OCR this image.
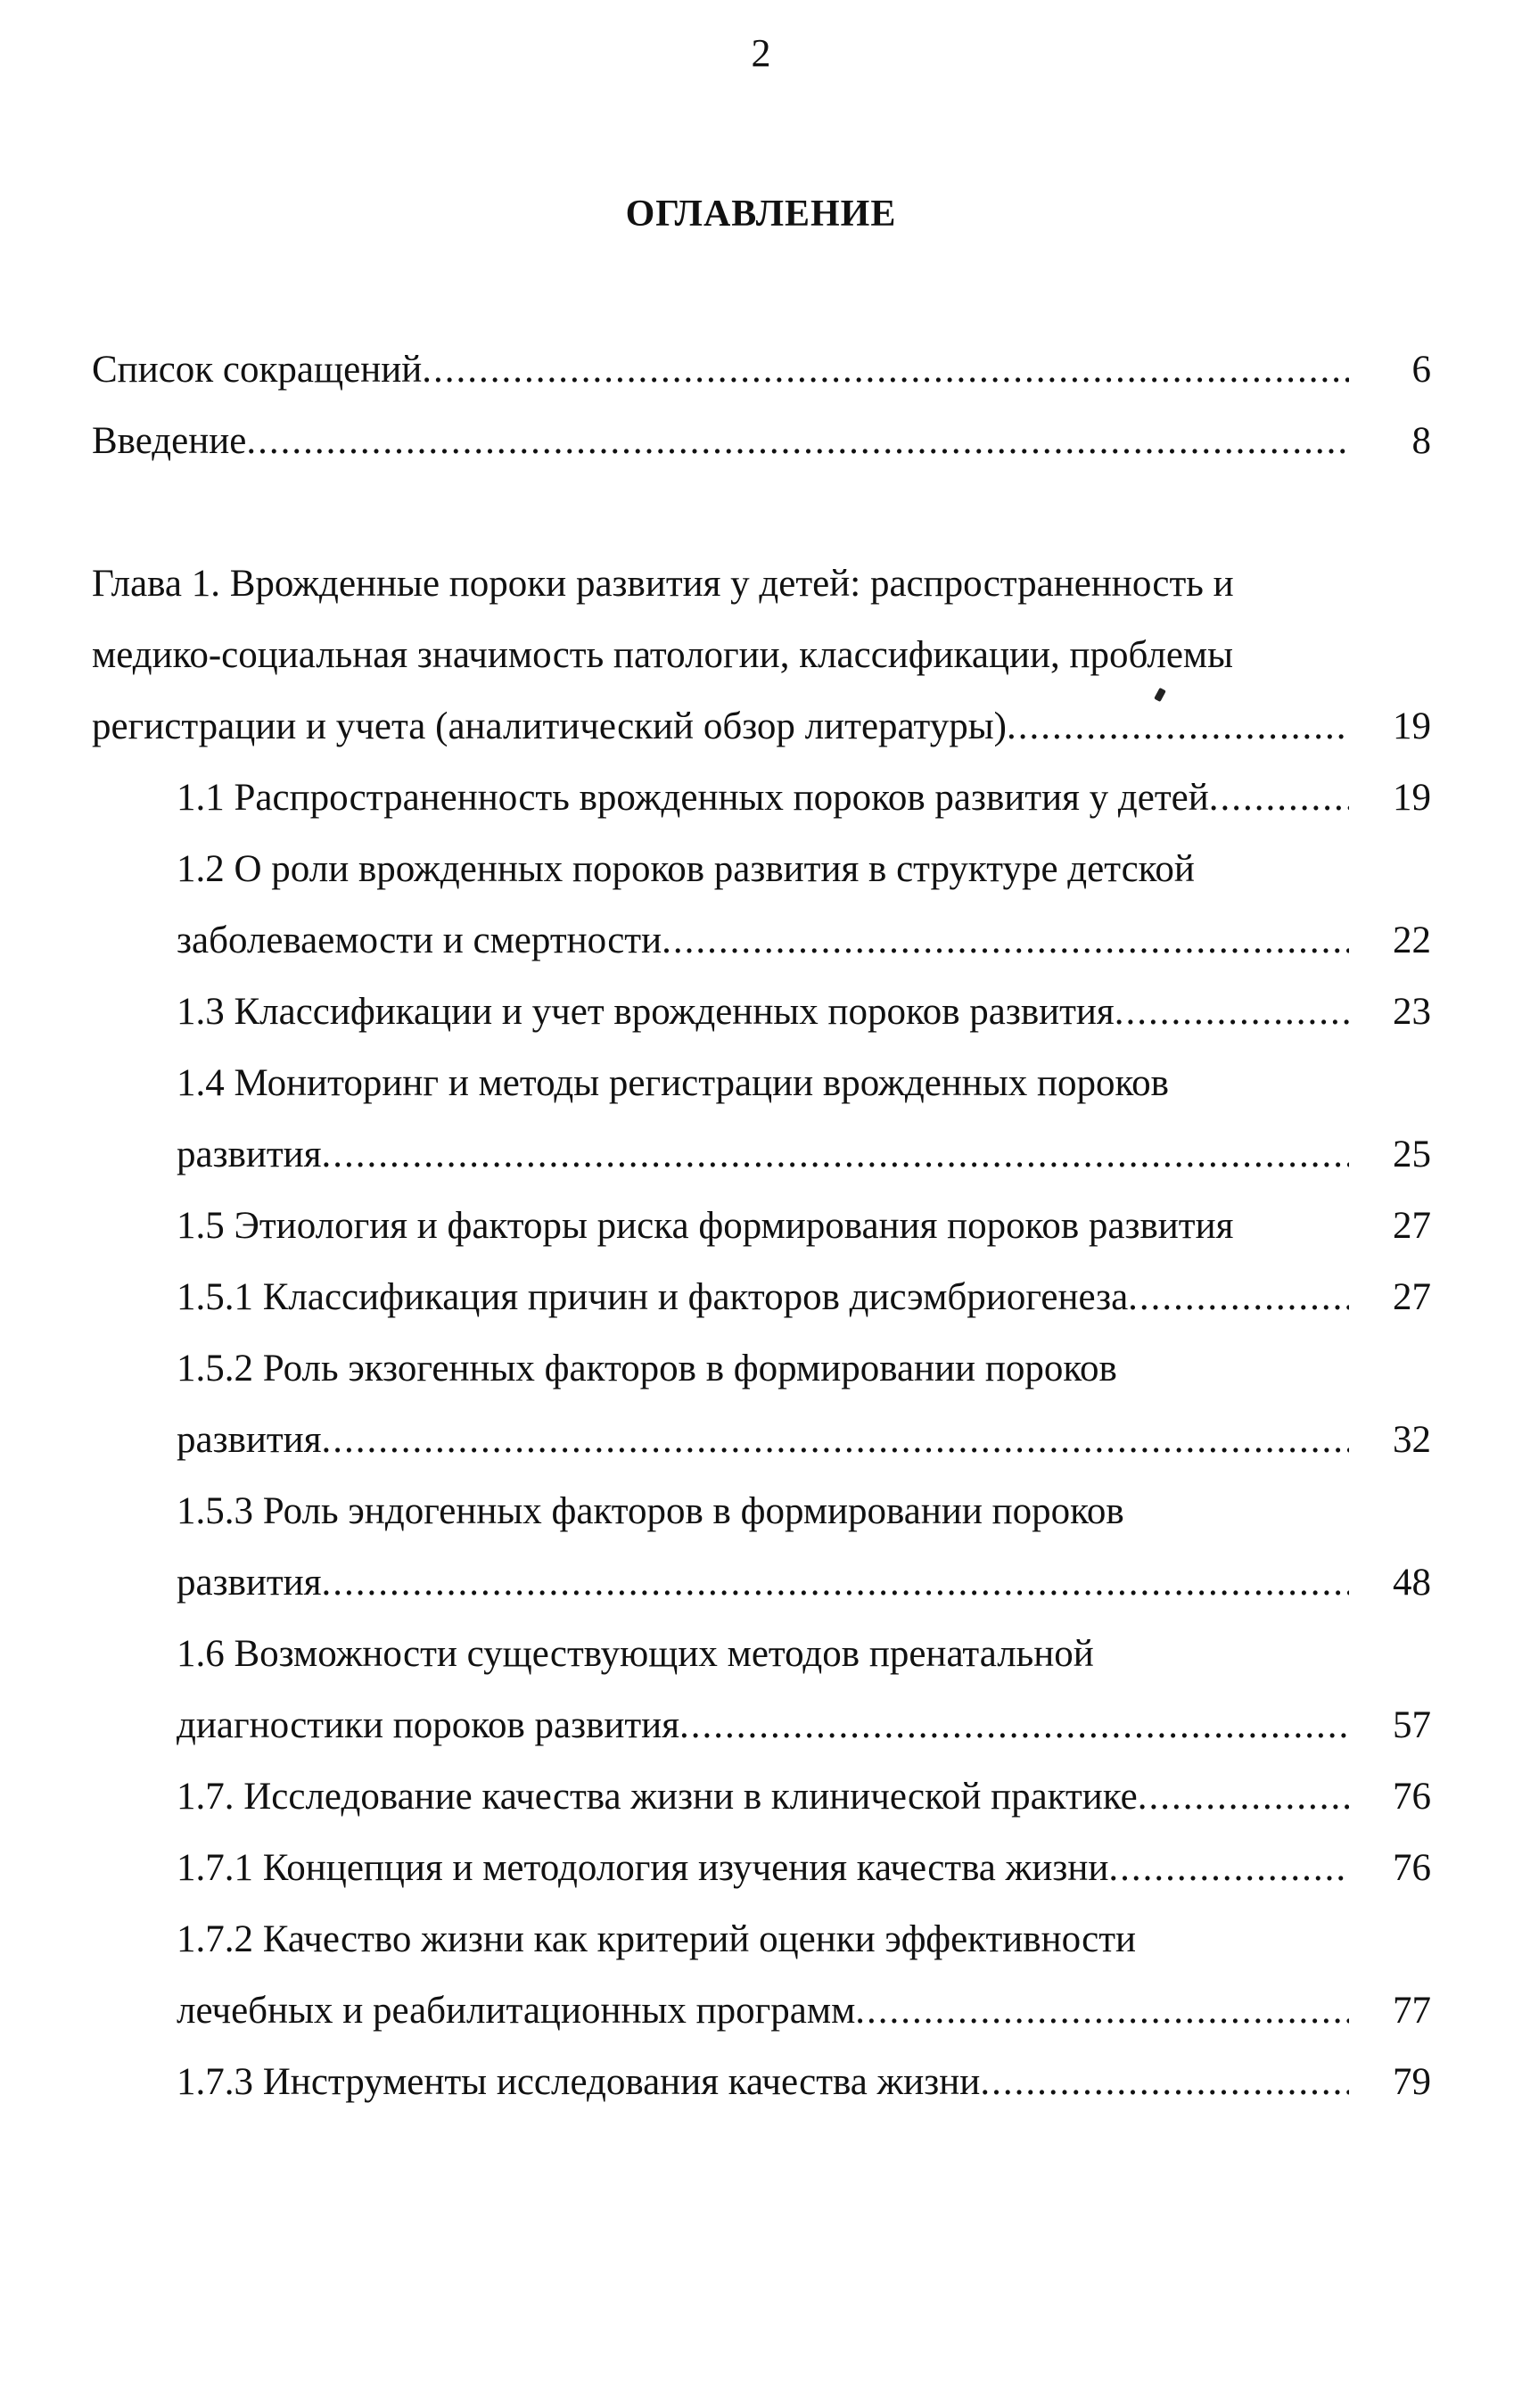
2
ОГЛАВЛЕНИЕ
Список сокращений .....	6
Введение .....	8
Глава 1. Врожденные пороки развития у детей: распространенность и
медико-социальная значимость патологии, классификации, проблемы
регистрации и учета (аналитический обзор литературы) .....	19
1.1 Распространенность врожденных пороков развития у детей .....	19
1.2 О роли врожденных пороков развития в структуре детской
заболеваемости и смертности .....	22
1.3 Классификации и учет врожденных пороков развития .....	23
1.4 Мониторинг и методы регистрации врожденных пороков
развития .....	25
1.5 Этиология и факторы риска формирования пороков развития	27
1.5.1 Классификация причин и факторов дисэмбриогенеза .....	27
1.5.2 Роль экзогенных факторов в формировании пороков
развития .....	32
1.5.3 Роль эндогенных факторов в формировании пороков
развития .....	48
1.6 Возможности существующих методов пренатальной
диагностики пороков развития .....	57
1.7. Исследование качества жизни в клинической практике .....	76
1.7.1 Концепция и методология изучения качества жизни .....	76
1.7.2 Качество жизни как критерий оценки эффективности
лечебных и реабилитационных программ .....	77
1.7.3 Инструменты исследования качества жизни .....	79
